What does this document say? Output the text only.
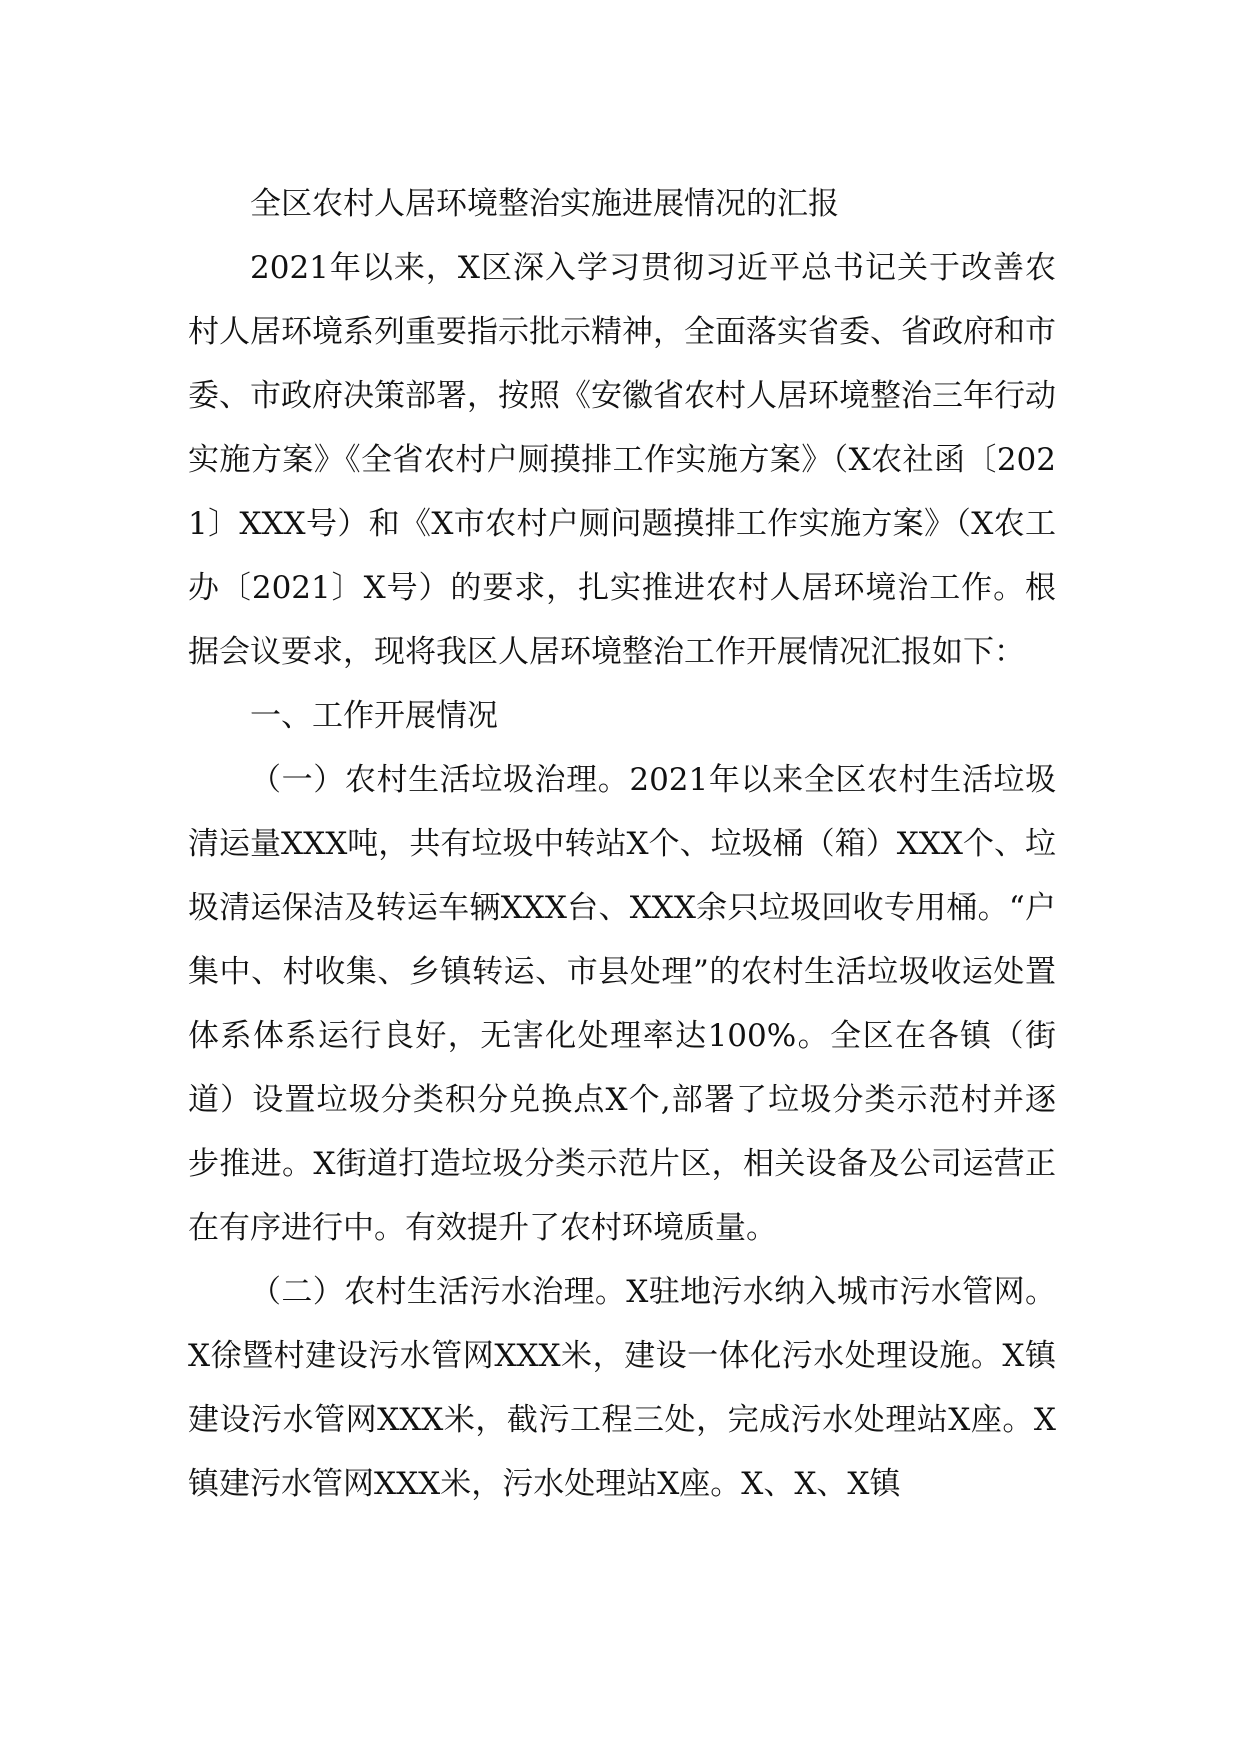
全区农村人居环境整治实施进展情况的汇报

2021年以来，X区深入学习贯彻习近平总书记关于改善农村人居环境系列重要指示批示精神，全面落实省委、省政府和市委、市政府决策部署，按照《安徽省农村人居环境整治三年行动实施方案》《全省农村户厕摸排工作实施方案》（X农社函〔2021〕XXX号）和《X市农村户厕问题摸排工作实施方案》（X农工办〔2021〕X号）的要求，扎实推进农村人居环境治工作。根据会议要求，现将我区人居环境整治工作开展情况汇报如下：

一、工作开展情况

（一）农村生活垃圾治理。2021年以来全区农村生活垃圾清运量XXX吨，共有垃圾中转站X个、垃圾桶（箱）XXX个、垃圾清运保洁及转运车辆XXX台、XXX余只垃圾回收专用桶。“户集中、村收集、乡镇转运、市县处理”的农村生活垃圾收运处置体系体系运行良好，无害化处理率达100%。全区在各镇（街道）设置垃圾分类积分兑换点X个,部署了垃圾分类示范村并逐步推进。X街道打造垃圾分类示范片区，相关设备及公司运营正在有序进行中。有效提升了农村环境质量。

（二）农村生活污水治理。X驻地污水纳入城市污水管网。X徐暨村建设污水管网XXX米，建设一体化污水处理设施。X镇建设污水管网XXX米，截污工程三处，完成污水处理站X座。X镇建污水管网XXX米，污水处理站X座。X、X、X镇
